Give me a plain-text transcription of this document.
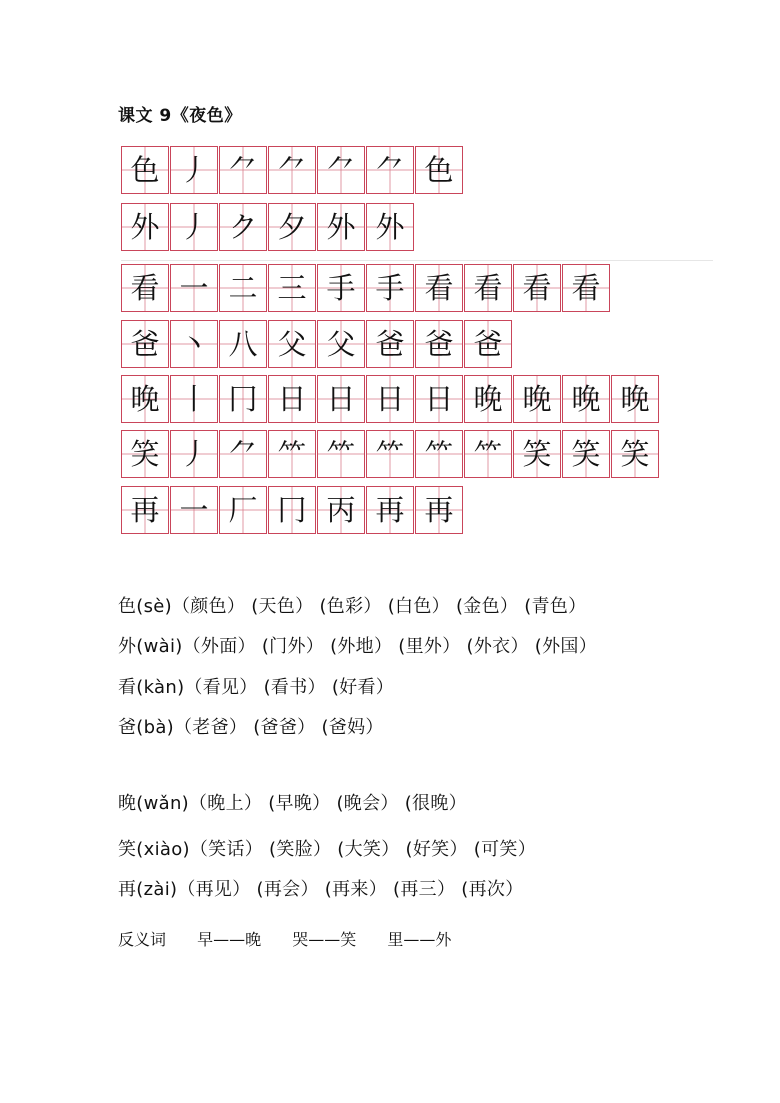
课文 9《夜色》
色 丿 ⺈ ⺈ ⺈ ⺈ 色
外 丿 ク 夕 外 外
看 一 二 三 手 手 看 看 看 看
爸 丶 八 父 父 爸 爸 爸
晚 丨 冂 日 日 日 日 晚 晚 晚 晚
笑 丿 ⺈ ⺮ ⺮ ⺮ ⺮ ⺮ 笑 笑 笑
再 一 厂 冂 丙 再 再
色(sè)（颜色） (天色） (色彩） (白色） (金色） (青色）
外(wài)（外面） (门外） (外地） (里外） (外衣） (外国）
看(kàn)（看见） (看书） (好看）
爸(bà)（老爸） (爸爸） (爸妈）
晚(wǎn)（晚上） (早晚） (晚会） (很晚）
笑(xiào)（笑话） (笑脸） (大笑） (好笑） (可笑）
再(zài)（再见） (再会） (再来） (再三） (再次）
反义词 早——晚 哭——笑 里——外
